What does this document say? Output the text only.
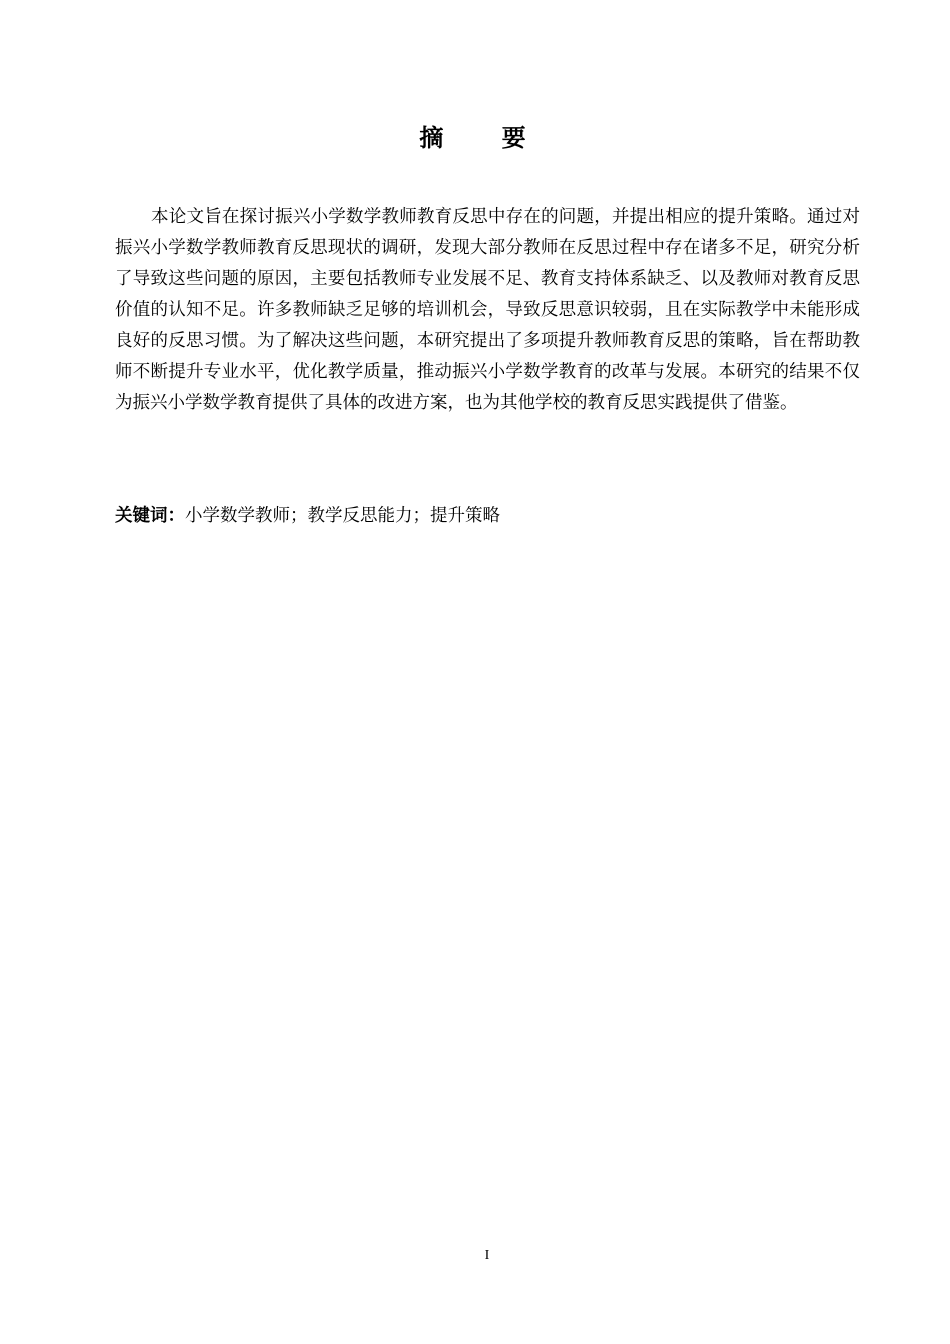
摘 要

本论文旨在探讨振兴小学数学教师教育反思中存在的问题，并提出相应的提升策略。通过对振兴小学数学教师教育反思现状的调研，发现大部分教师在反思过程中存在诸多不足，研究分析了导致这些问题的原因，主要包括教师专业发展不足、教育支持体系缺乏、以及教师对教育反思价值的认知不足。许多教师缺乏足够的培训机会，导致反思意识较弱，且在实际教学中未能形成良好的反思习惯。为了解决这些问题，本研究提出了多项提升教师教育反思的策略，旨在帮助教师不断提升专业水平，优化教学质量，推动振兴小学数学教育的改革与发展。本研究的结果不仅为振兴小学数学教育提供了具体的改进方案，也为其他学校的教育反思实践提供了借鉴。

关键词：小学数学教师；教学反思能力；提升策略

I
